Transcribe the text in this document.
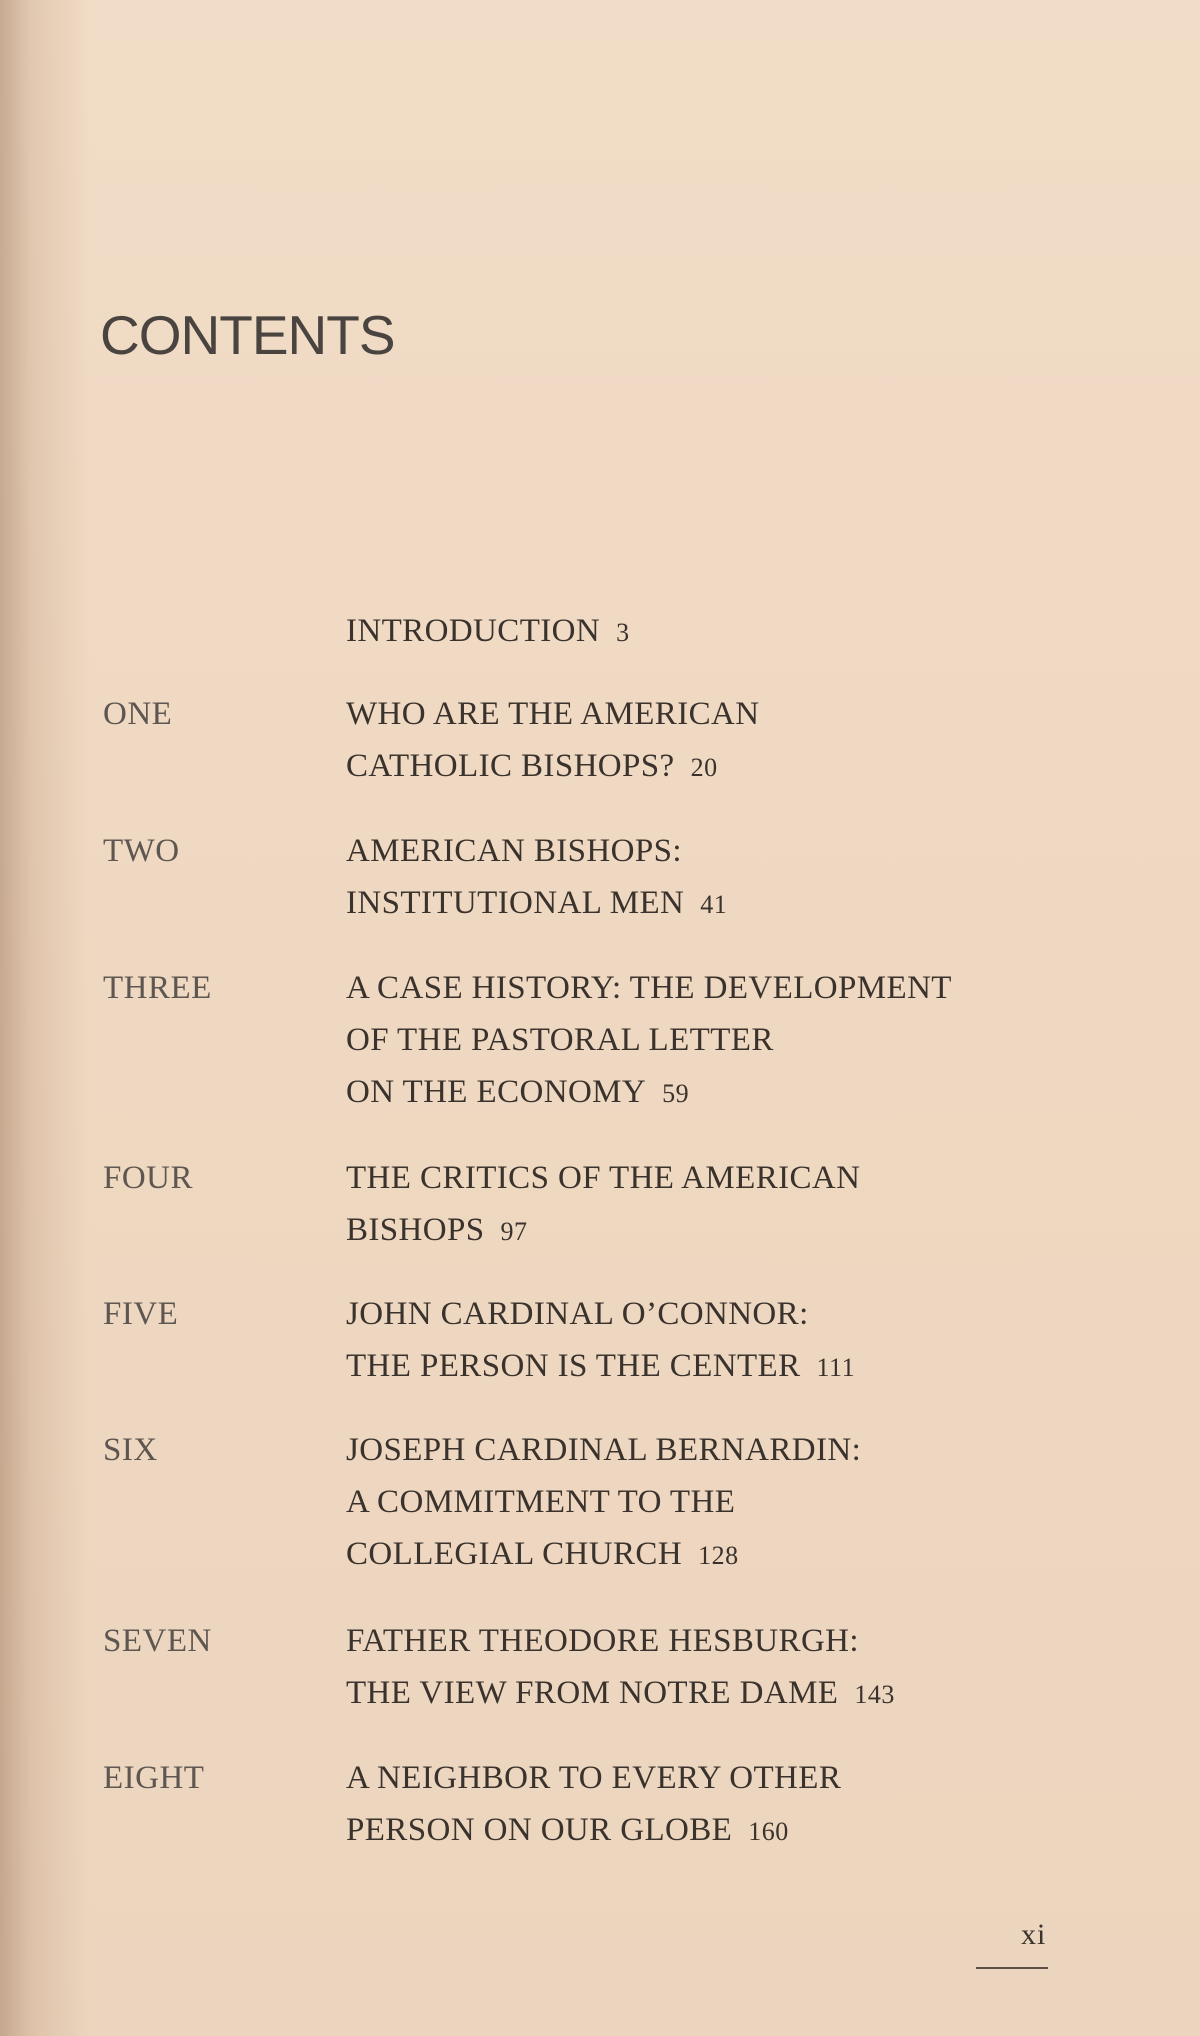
CONTENTS
INTRODUCTION 3
ONE	WHO ARE THE AMERICAN
CATHOLIC BISHOPS? 20
TWO	AMERICAN BISHOPS:
INSTITUTIONAL MEN 41
THREE	A CASE HISTORY: THE DEVELOPMENT
OF THE PASTORAL LETTER
ON THE ECONOMY 59
FOUR	THE CRITICS OF THE AMERICAN
BISHOPS 97
FIVE	JOHN CARDINAL O’CONNOR:
THE PERSON IS THE CENTER 111
SIX	JOSEPH CARDINAL BERNARDIN:
A COMMITMENT TO THE
COLLEGIAL CHURCH 128
SEVEN	FATHER THEODORE HESBURGH:
THE VIEW FROM NOTRE DAME 143
EIGHT	A NEIGHBOR TO EVERY OTHER
PERSON ON OUR GLOBE 160
xi
